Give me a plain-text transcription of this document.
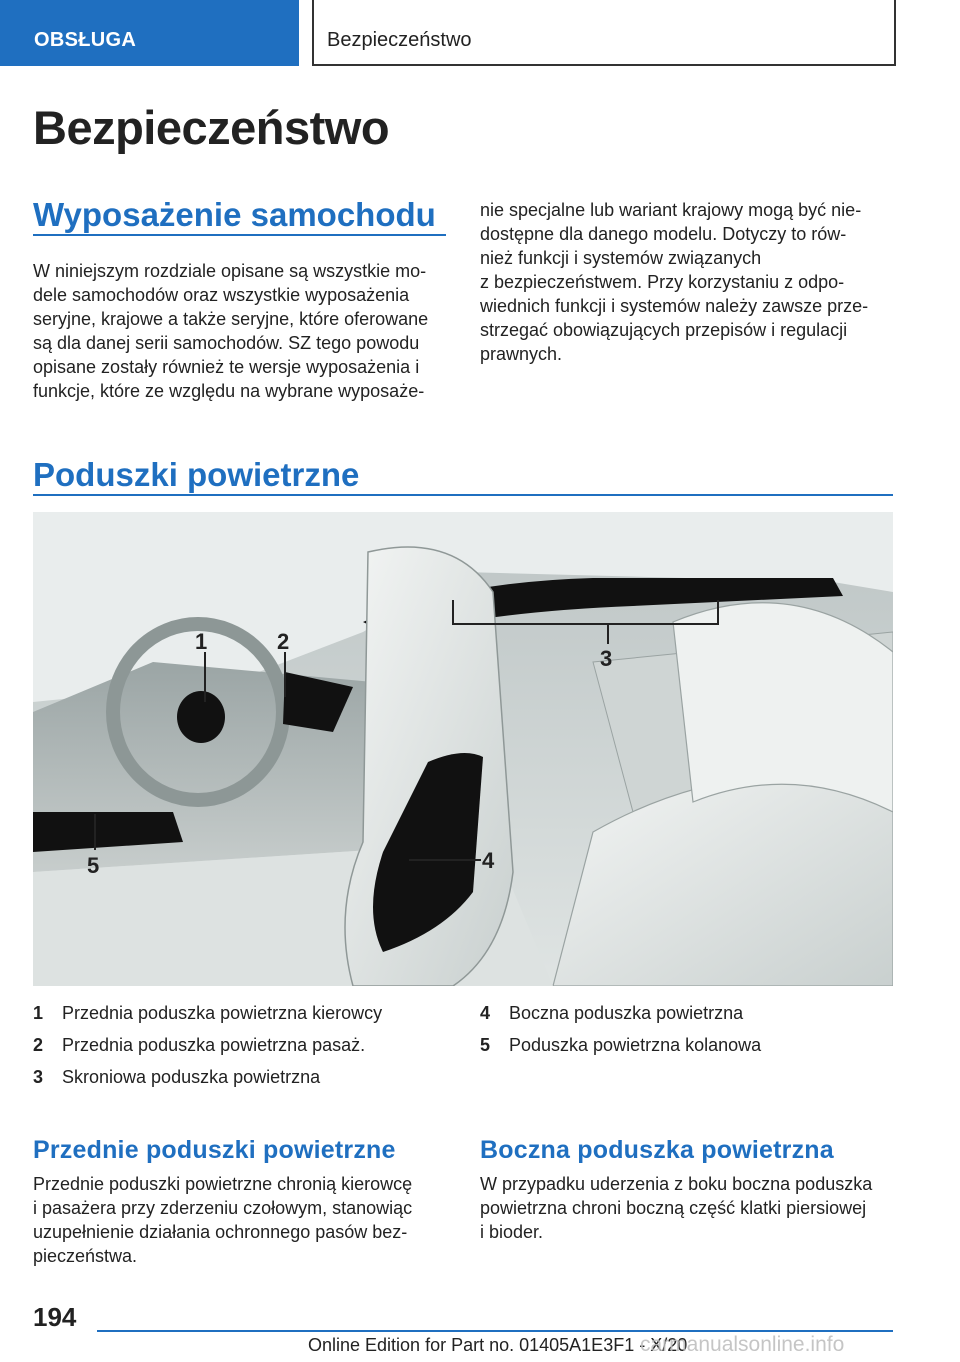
OBSŁUGA	Bezpieczeństwo
Bezpieczeństwo
Wyposażenie samochodu
W niniejszym rozdziale opisane są wszystkie mo‐
dele samochodów oraz wszystkie wyposażenia
seryjne, krajowe a także seryjne, które oferowane
są dla danej serii samochodów. SZ tego powodu
opisane zostały również te wersje wyposażenia i
funkcje, które ze względu na wybrane wyposaże‐
nie specjalne lub wariant krajowy mogą być nie‐
dostępne dla danego modelu. Dotyczy to rów‐
nież funkcji i systemów związanych
z bezpieczeństwem. Przy korzystaniu z odpo‐
wiednich funkcji i systemów należy zawsze prze‐
strzegać obowiązujących przepisów i regulacji
prawnych.
Poduszki powietrzne
1	2
3
4
5
1 Przednia poduszka powietrzna kierowcy
2 Przednia poduszka powietrzna pasaż.
3 Skroniowa poduszka powietrzna
4 Boczna poduszka powietrzna
5 Poduszka powietrzna kolanowa
Przednie poduszki powietrzne
Przednie poduszki powietrzne chronią kierowcę
i pasażera przy zderzeniu czołowym, stanowiąc
uzupełnienie działania ochronnego pasów bez‐
pieczeństwa.
Boczna poduszka powietrzna
W przypadku uderzenia z boku boczna poduszka
powietrzna chroni boczną część klatki piersiowej
i bioder.
194
Online Edition for Part no. 01405A1E3F1 - X/20
carmanualsonline.info
